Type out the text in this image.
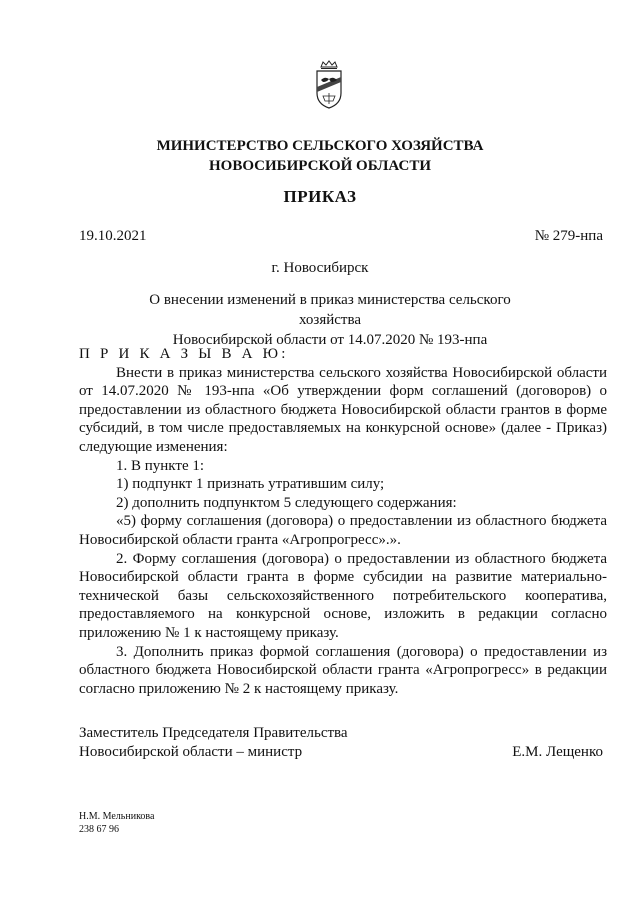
МИНИСТЕРСТВО СЕЛЬСКОГО ХОЗЯЙСТВА
НОВОСИБИРСКОЙ ОБЛАСТИ
ПРИКАЗ
19.10.2021	№ 279-нпа
г. Новосибирск
О внесении изменений в приказ министерства сельского хозяйства
Новосибирской области от 14.07.2020 № 193-нпа

П Р И К А З Ы В А Ю:

Внести в приказ министерства сельского хозяйства Новосибирской области от 14.07.2020 № 193-нпа «Об утверждении форм соглашений (договоров) о предоставлении из областного бюджета Новосибирской области грантов в форме субсидий, в том числе предоставляемых на конкурсной основе» (далее - Приказ) следующие изменения:

1. В пункте 1:

1) подпункт 1 признать утратившим силу;

2) дополнить подпунктом 5 следующего содержания:

«5) форму соглашения (договора) о предоставлении из областного бюджета Новосибирской области гранта «Агропрогресс».».

2. Форму соглашения (договора) о предоставлении из областного бюджета Новосибирской области гранта в форме субсидии на развитие материально-технической базы сельскохозяйственного потребительского кооператива, предоставляемого на конкурсной основе, изложить в редакции согласно приложению № 1 к настоящему приказу.

3. Дополнить приказ формой соглашения (договора) о предоставлении из областного бюджета Новосибирской области гранта «Агропрогресс» в редакции согласно приложению № 2 к настоящему приказу.

Заместитель Председателя Правительства
Новосибирской области – министр	Е.М. Лещенко
Н.М. Мельникова
238 67 96
